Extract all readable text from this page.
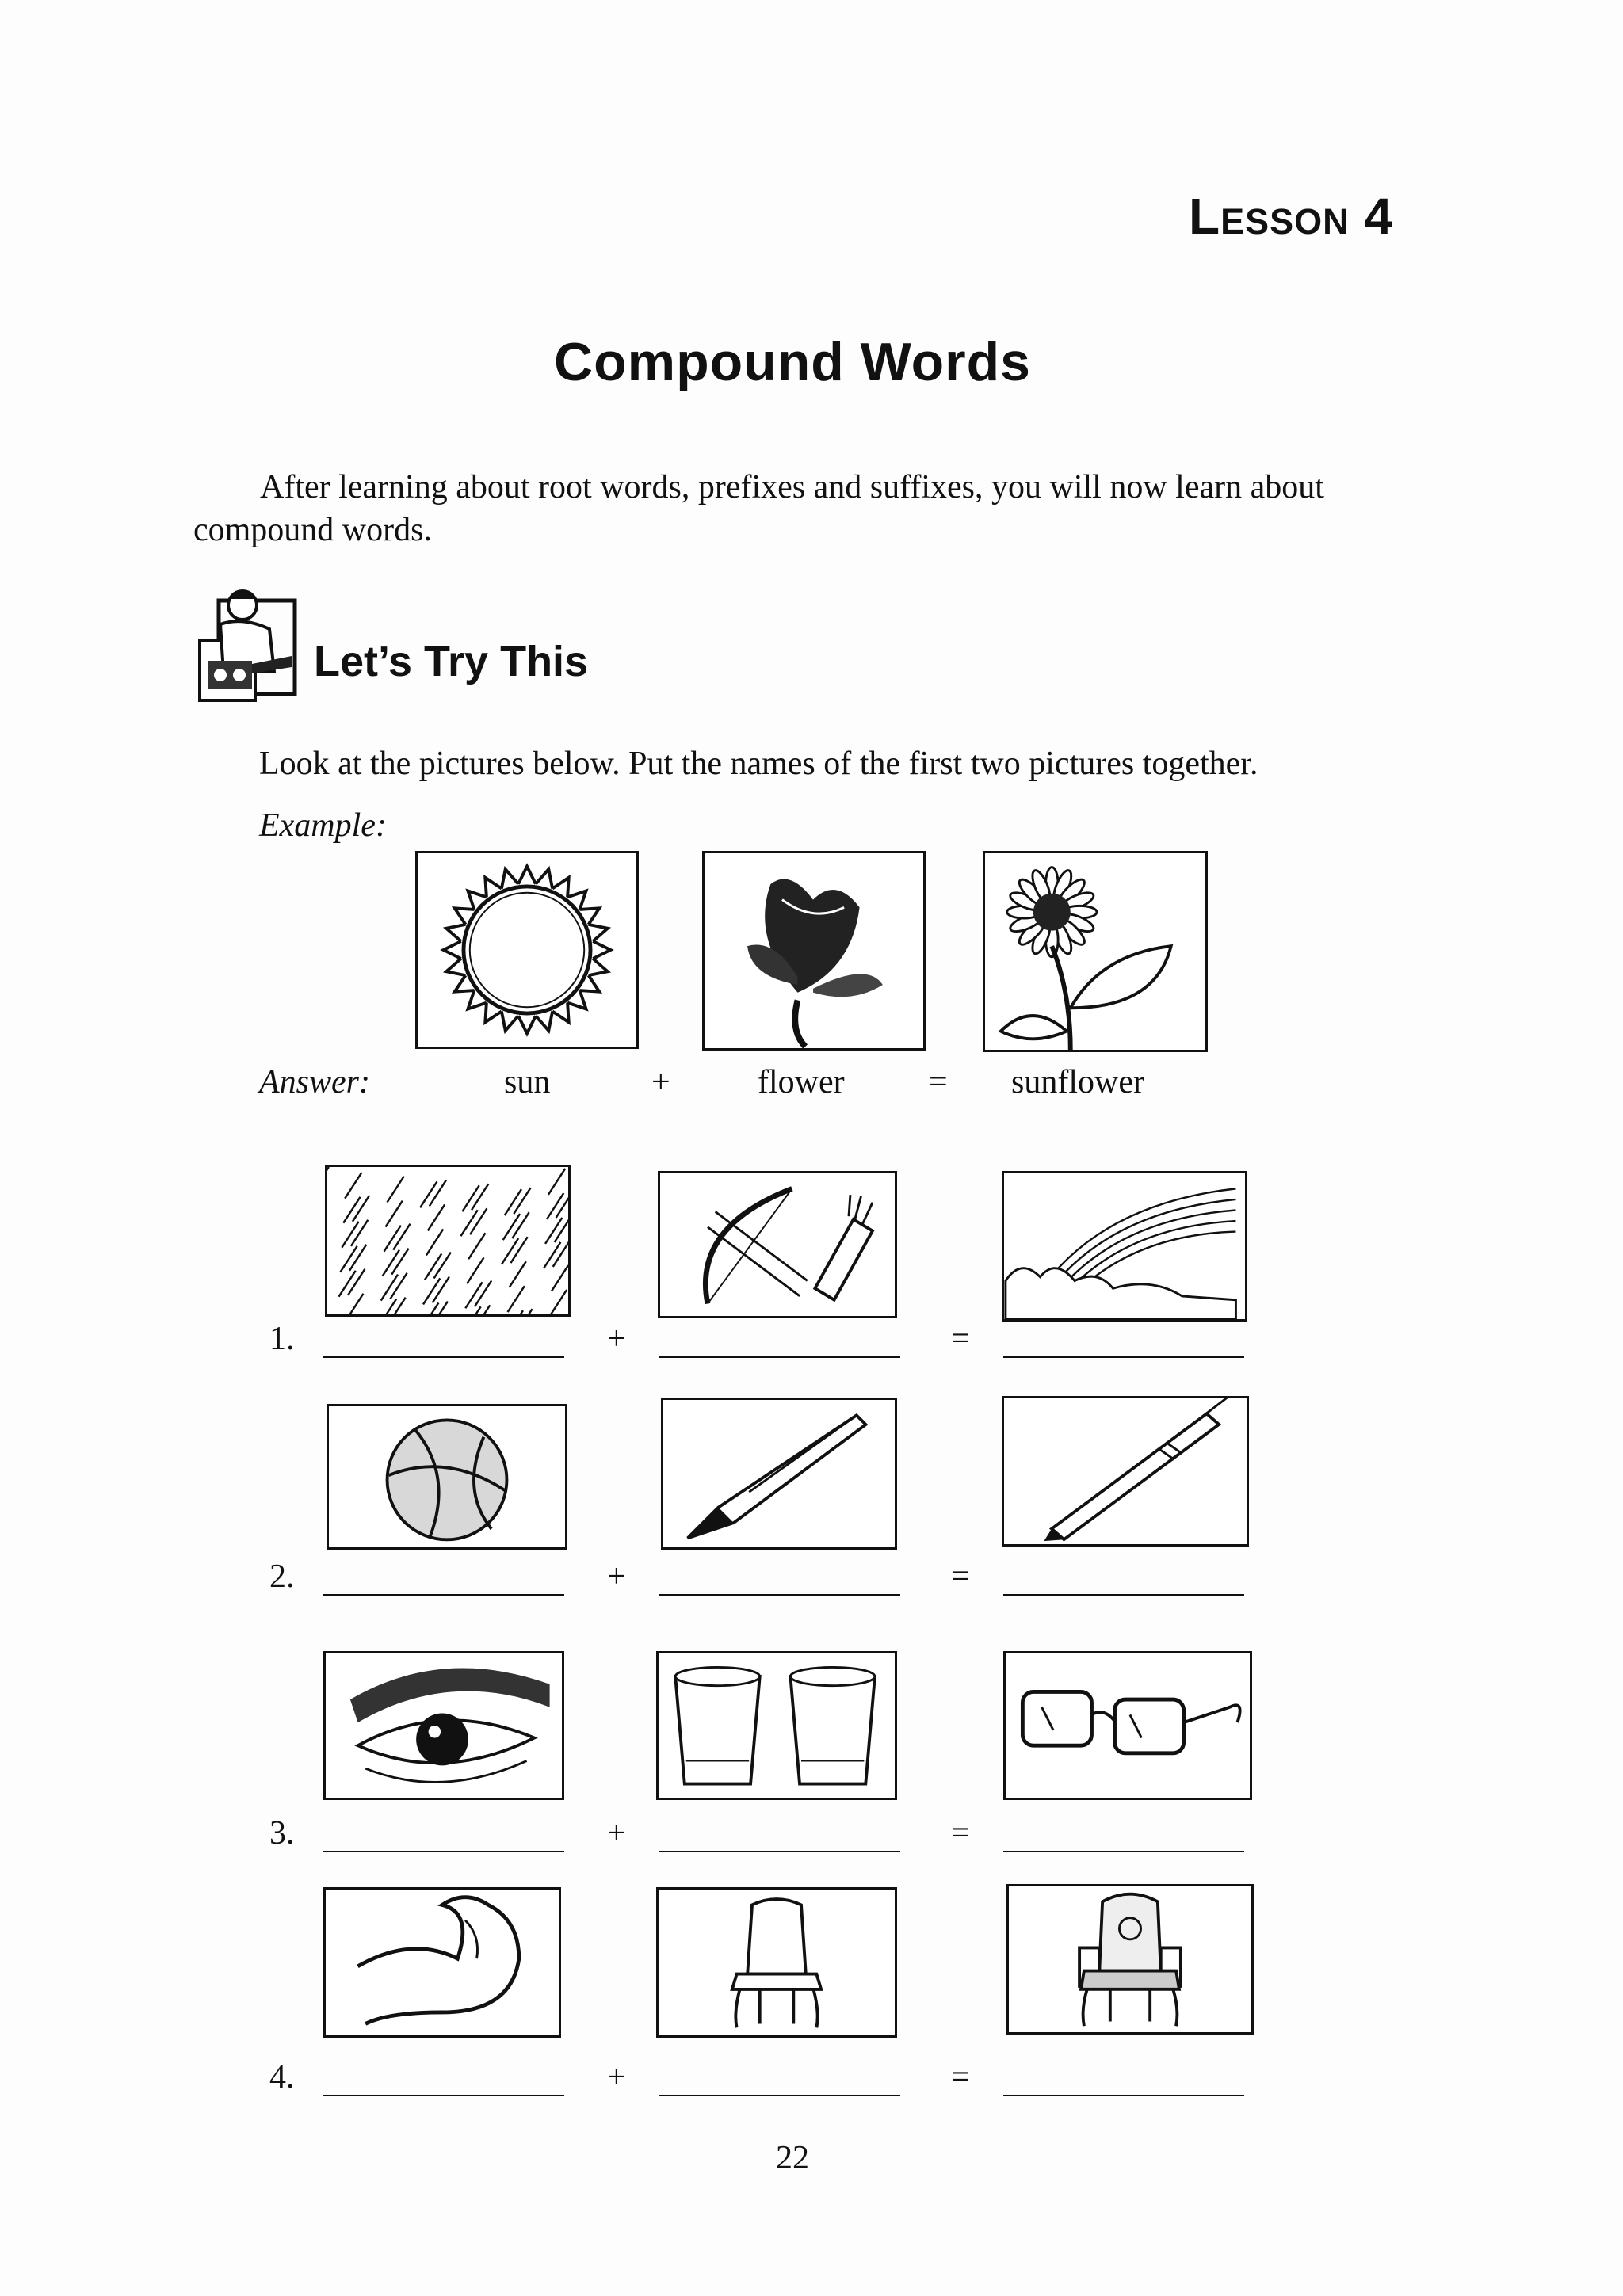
Lesson 4

Compound Words

After learning about root words, prefixes and suffixes, you will now learn about compound words.

Let’s Try This

Look at the pictures below. Put the names of the first two pictures together.

Example:

Answer:	sun	+	flower	= sunflower

1.	+	=

2.	+	=

3.	+	=

4.	+	=

22
